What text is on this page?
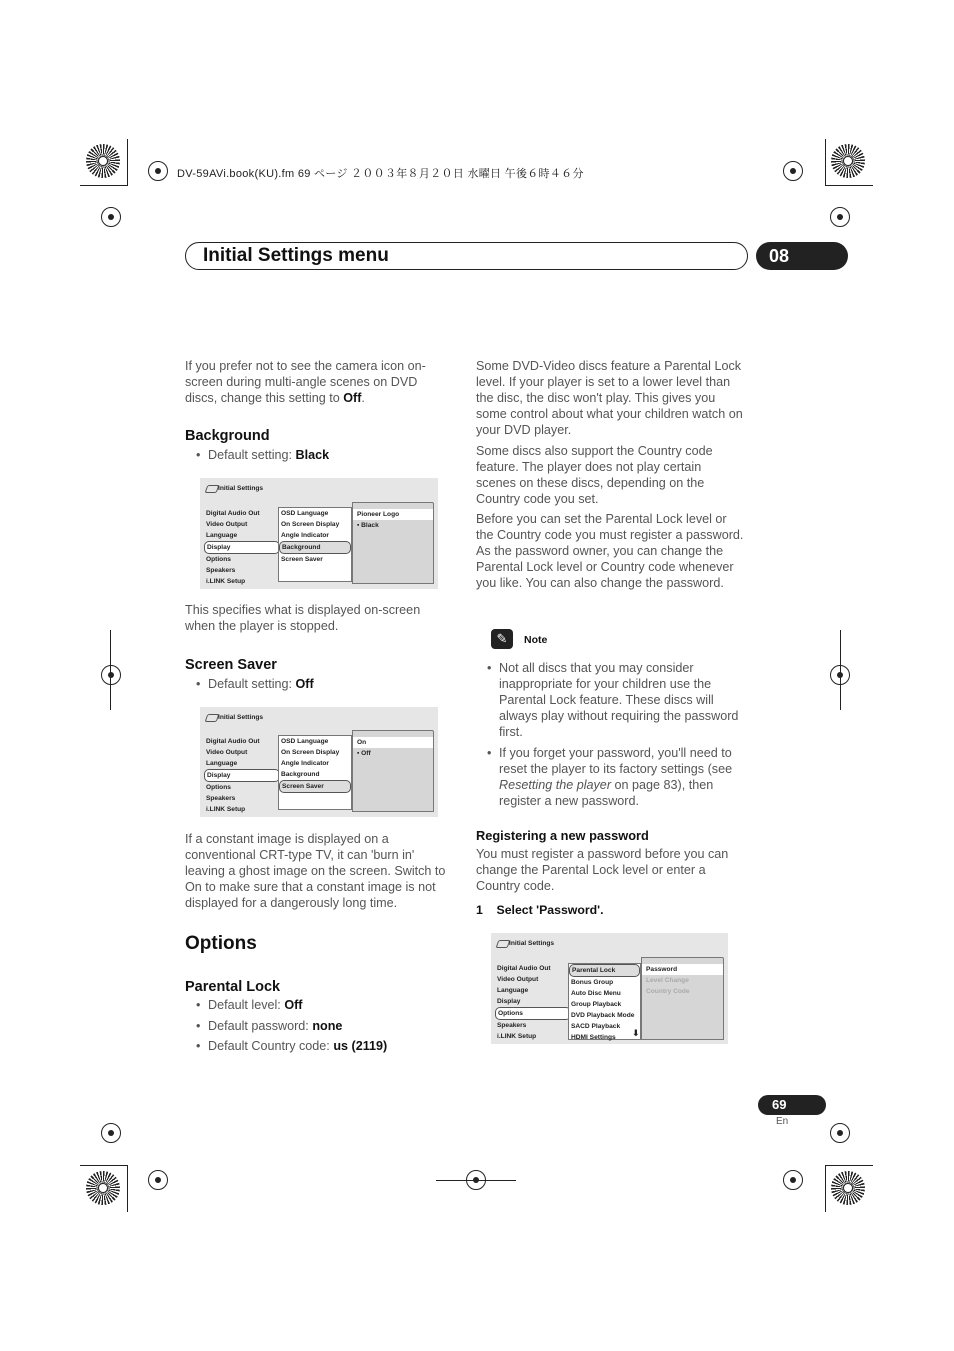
DV-59AVi.book(KU).fm 69 ページ ２００３年８月２０日 水曜日 午後６時４６分
Initial Settings menu	08
If you prefer not to see the camera icon on-screen during multi-angle scenes on DVD discs, change this setting to Off.
Background
• Default setting: Black
Initial Settings
Digital Audio Out
Video Output
Language
Display
Options
Speakers
i.LINK Setup
OSD Language
On Screen Display
Angle Indicator
Background
Screen Saver
Pioneer Logo
▪ Black
This specifies what is displayed on-screen when the player is stopped.
Screen Saver
• Default setting: Off
Initial Settings
Digital Audio Out
Video Output
Language
Display
Options
Speakers
i.LINK Setup
OSD Language
On Screen Display
Angle Indicator
Background
Screen Saver
On
▪ Off
If a constant image is displayed on a conventional CRT-type TV, it can 'burn in' leaving a ghost image on the screen. Switch to On to make sure that a constant image is not displayed for a dangerously long time.
Options
Parental Lock
• Default level: Off
• Default password: none
• Default Country code: us (2119)
Some DVD-Video discs feature a Parental Lock level. If your player is set to a lower level than the disc, the disc won't play. This gives you some control about what your children watch on your DVD player.
Some discs also support the Country code feature. The player does not play certain scenes on these discs, depending on the Country code you set.
Before you can set the Parental Lock level or the Country code you must register a password. As the password owner, you can change the Parental Lock level or Country code whenever you like. You can also change the password.
✎	Note
• Not all discs that you may consider inappropriate for your children use the Parental Lock feature. These discs will always play without requiring the password first.
• If you forget your password, you'll need to reset the player to its factory settings (see Resetting the player on page 83), then register a new password.
Registering a new password
You must register a password before you can change the Parental Lock level or enter a Country code.
1 Select 'Password'.
Initial Settings
Digital Audio Out
Video Output
Language
Display
Options
Speakers
i.LINK Setup
Parental Lock
Bonus Group
Auto Disc Menu
Group Playback
DVD Playback Mode
SACD Playback
HDMI Settings	⬇
Password
Level Change
Country Code
69
En
